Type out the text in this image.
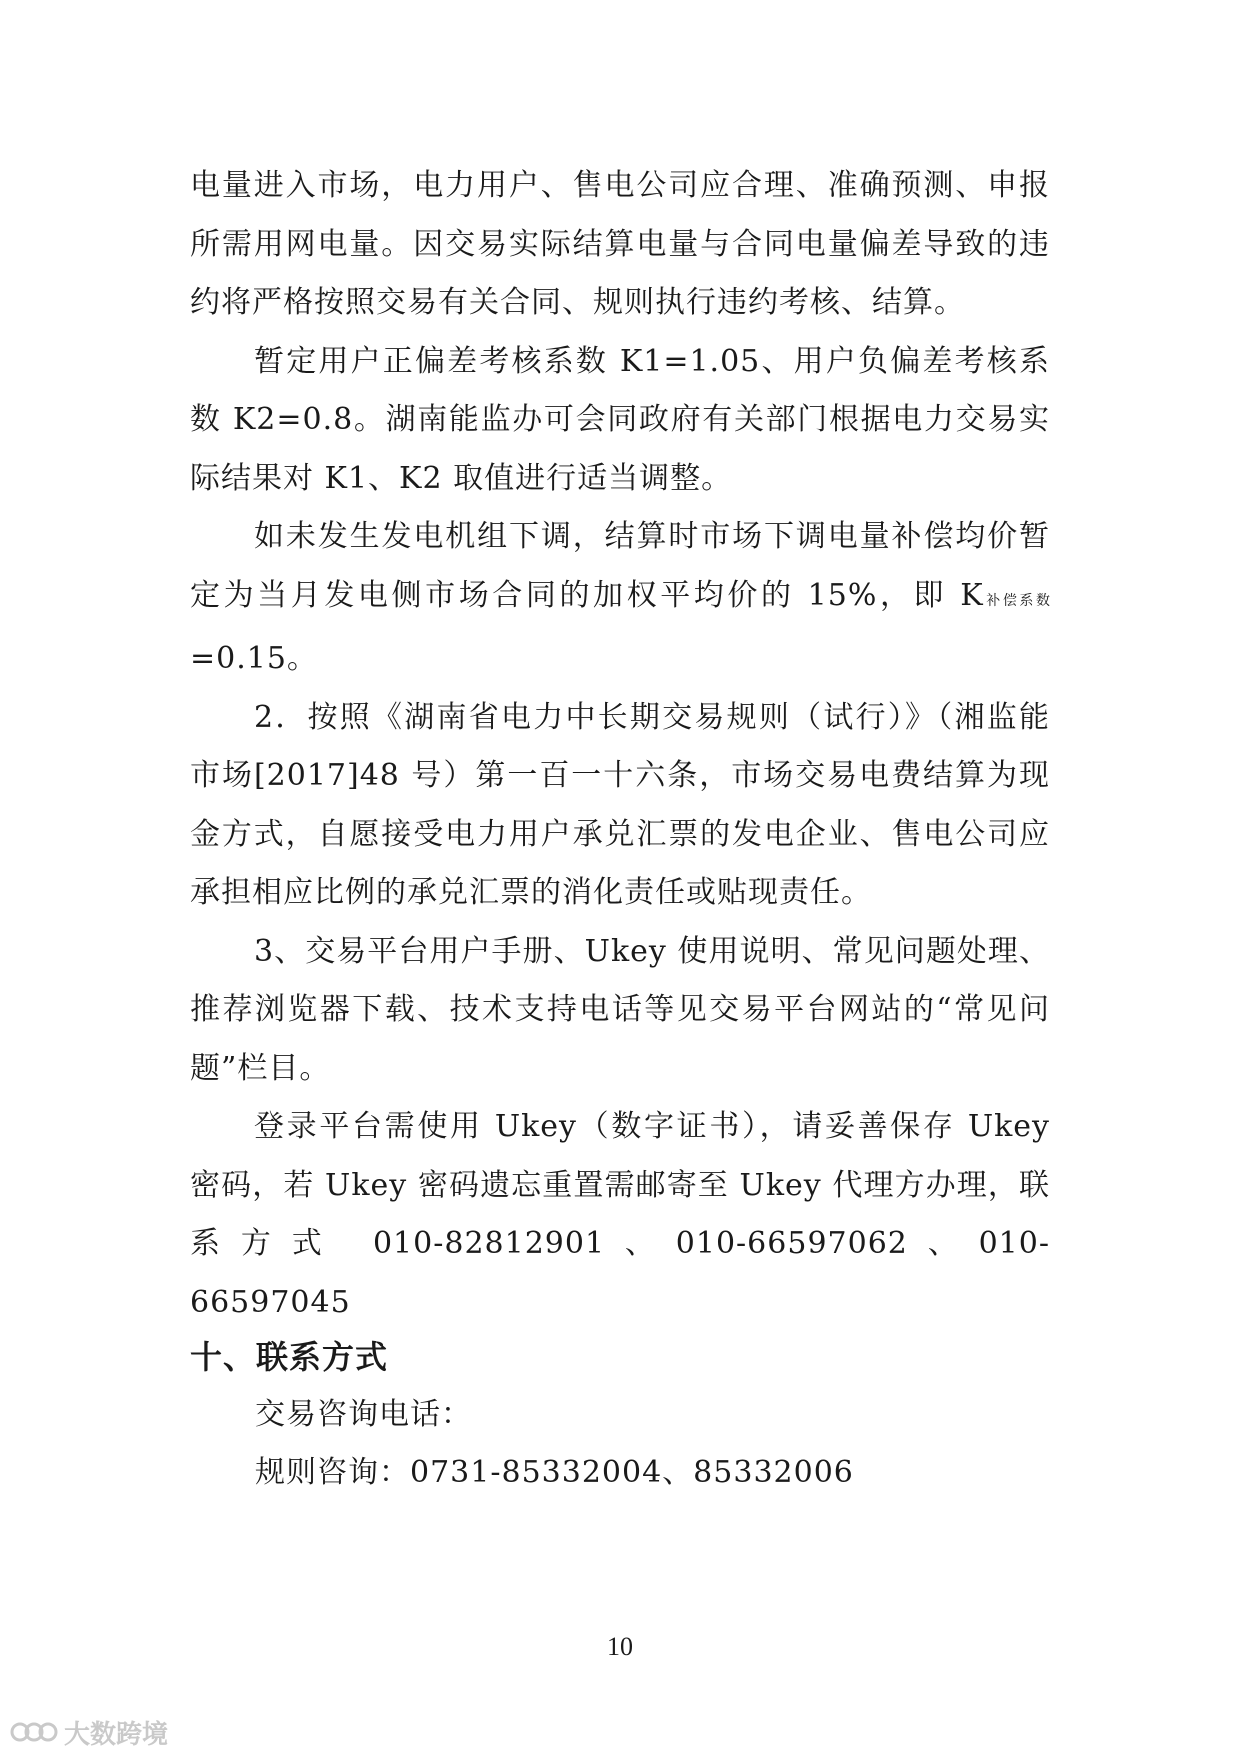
电量进入市场，电力用户、售电公司应合理、准确预测、申报所需用网电量。因交易实际结算电量与合同电量偏差导致的违约将严格按照交易有关合同、规则执行违约考核、结算。

暂定用户正偏差考核系数 K1=1.05、用户负偏差考核系数 K2=0.8。湖南能监办可会同政府有关部门根据电力交易实际结果对 K1、K2 取值进行适当调整。

如未发生发电机组下调，结算时市场下调电量补偿均价暂定为当月发电侧市场合同的加权平均价的 15%，即 K补偿系数=0.15。

2．按照《湖南省电力中长期交易规则（试行）》（湘监能市场[2017]48 号）第一百一十六条，市场交易电费结算为现金方式，自愿接受电力用户承兑汇票的发电企业、售电公司应承担相应比例的承兑汇票的消化责任或贴现责任。

3、交易平台用户手册、Ukey 使用说明、常见问题处理、推荐浏览器下载、技术支持电话等见交易平台网站的“常见问题”栏目。

登录平台需使用 Ukey（数字证书），请妥善保存 Ukey 密码，若 Ukey 密码遗忘重置需邮寄至 Ukey 代理方办理，联系方式 010-82812901、010-66597062、010-66597045

十、联系方式
交易咨询电话：
规则咨询：0731-85332004、85332006
10
大数跨境
